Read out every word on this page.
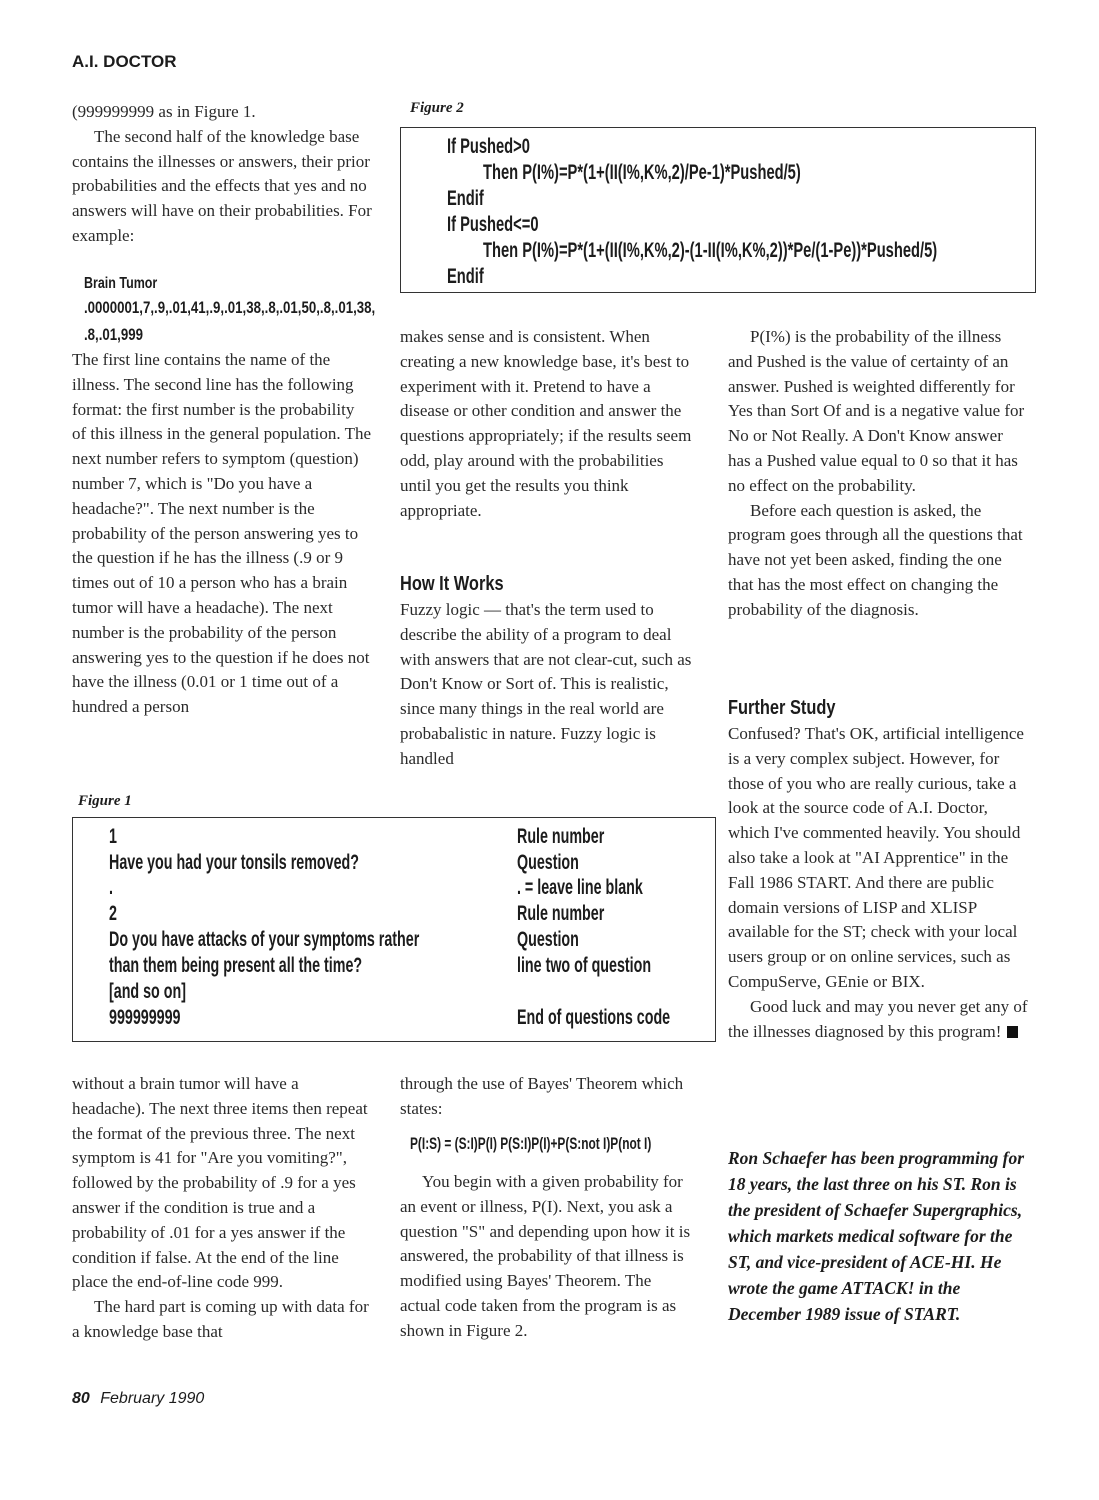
A.I. DOCTOR

(999999999 as in Figure 1.

The second half of the knowledge base contains the illnesses or answers, their prior probabilities and the effects that yes and no answers will have on their probabilities. For example:

Brain Tumor
.0000001,7,.9,.01,41,.9,.01,38,.8,.01,50,.8,.01,38,
.8,.01,999

The first line contains the name of the illness. The second line has the following format: the first number is the probability of this illness in the general population. The next number refers to symptom (question) number 7, which is "Do you have a headache?". The next number is the probability of the person answering yes to the question if he has the illness (.9 or 9 times out of 10 a person who has a brain tumor will have a headache). The next number is the probability of the person answering yes to the question if he does not have the illness (0.01 or 1 time out of a hundred a person

Figure 2
If Pushed>0
Then P(I%)=P*(1+(II(I%,K%,2)/Pe-1)*Pushed/5)
Endif
If Pushed<=0
Then P(I%)=P*(1+(II(I%,K%,2)-(1-II(I%,K%,2))*Pe/(1-Pe))*Pushed/5)
Endif

makes sense and is consistent. When creating a new knowledge base, it's best to experiment with it. Pretend to have a disease or other condition and answer the questions appropriately; if the results seem odd, play around with the probabilities until you get the results you think appropriate.

How It Works

Fuzzy logic — that's the term used to describe the ability of a program to deal with answers that are not clear-cut, such as Don't Know or Sort of. This is realistic, since many things in the real world are probabalistic in nature. Fuzzy logic is handled

P(I%) is the probability of the illness and Pushed is the value of certainty of an answer. Pushed is weighted differently for Yes than Sort Of and is a negative value for No or Not Really. A Don't Know answer has a Pushed value equal to 0 so that it has no effect on the probability.

Before each question is asked, the program goes through all the questions that have not yet been asked, finding the one that has the most effect on changing the probability of the diagnosis.

Further Study

Confused? That's OK, artificial intelligence is a very complex subject. However, for those of you who are really curious, take a look at the source code of A.I. Doctor, which I've commented heavily. You should also take a look at "AI Apprentice" in the Fall 1986 START. And there are public domain versions of LISP and XLISP available for the ST; check with your local users group or on online services, such as CompuServe, GEnie or BIX.

Good luck and may you never get any of the illnesses diagnosed by this program!

Ron Schaefer has been programming for 18 years, the last three on his ST. Ron is the president of Schaefer Supergraphics, which markets medical software for the ST, and vice-president of ACE-HI. He wrote the game ATTACK! in the December 1989 issue of START.
Figure 1
1
Have you had your tonsils removed?
.
2
Do you have attacks of your symptoms rather
than them being present all the time?
[and so on]
999999999
Rule number
Question
. = leave line blank
Rule number
Question
line two of question
End of questions code

without a brain tumor will have a headache). The next three items then repeat the format of the previous three. The next symptom is 41 for "Are you vomiting?", followed by the probability of .9 for a yes answer if the condition is true and a probability of .01 for a yes answer if the condition if false. At the end of the line place the end-of-line code 999.

The hard part is coming up with data for a knowledge base that

through the use of Bayes' Theorem which states:

P(I:S) = (S:I)P(I) P(S:I)P(I)+P(S:not I)P(not I)

You begin with a given probability for an event or illness, P(I). Next, you ask a question "S" and depending upon how it is answered, the probability of that illness is modified using Bayes' Theorem. The actual code taken from the program is as shown in Figure 2.

80 February 1990
